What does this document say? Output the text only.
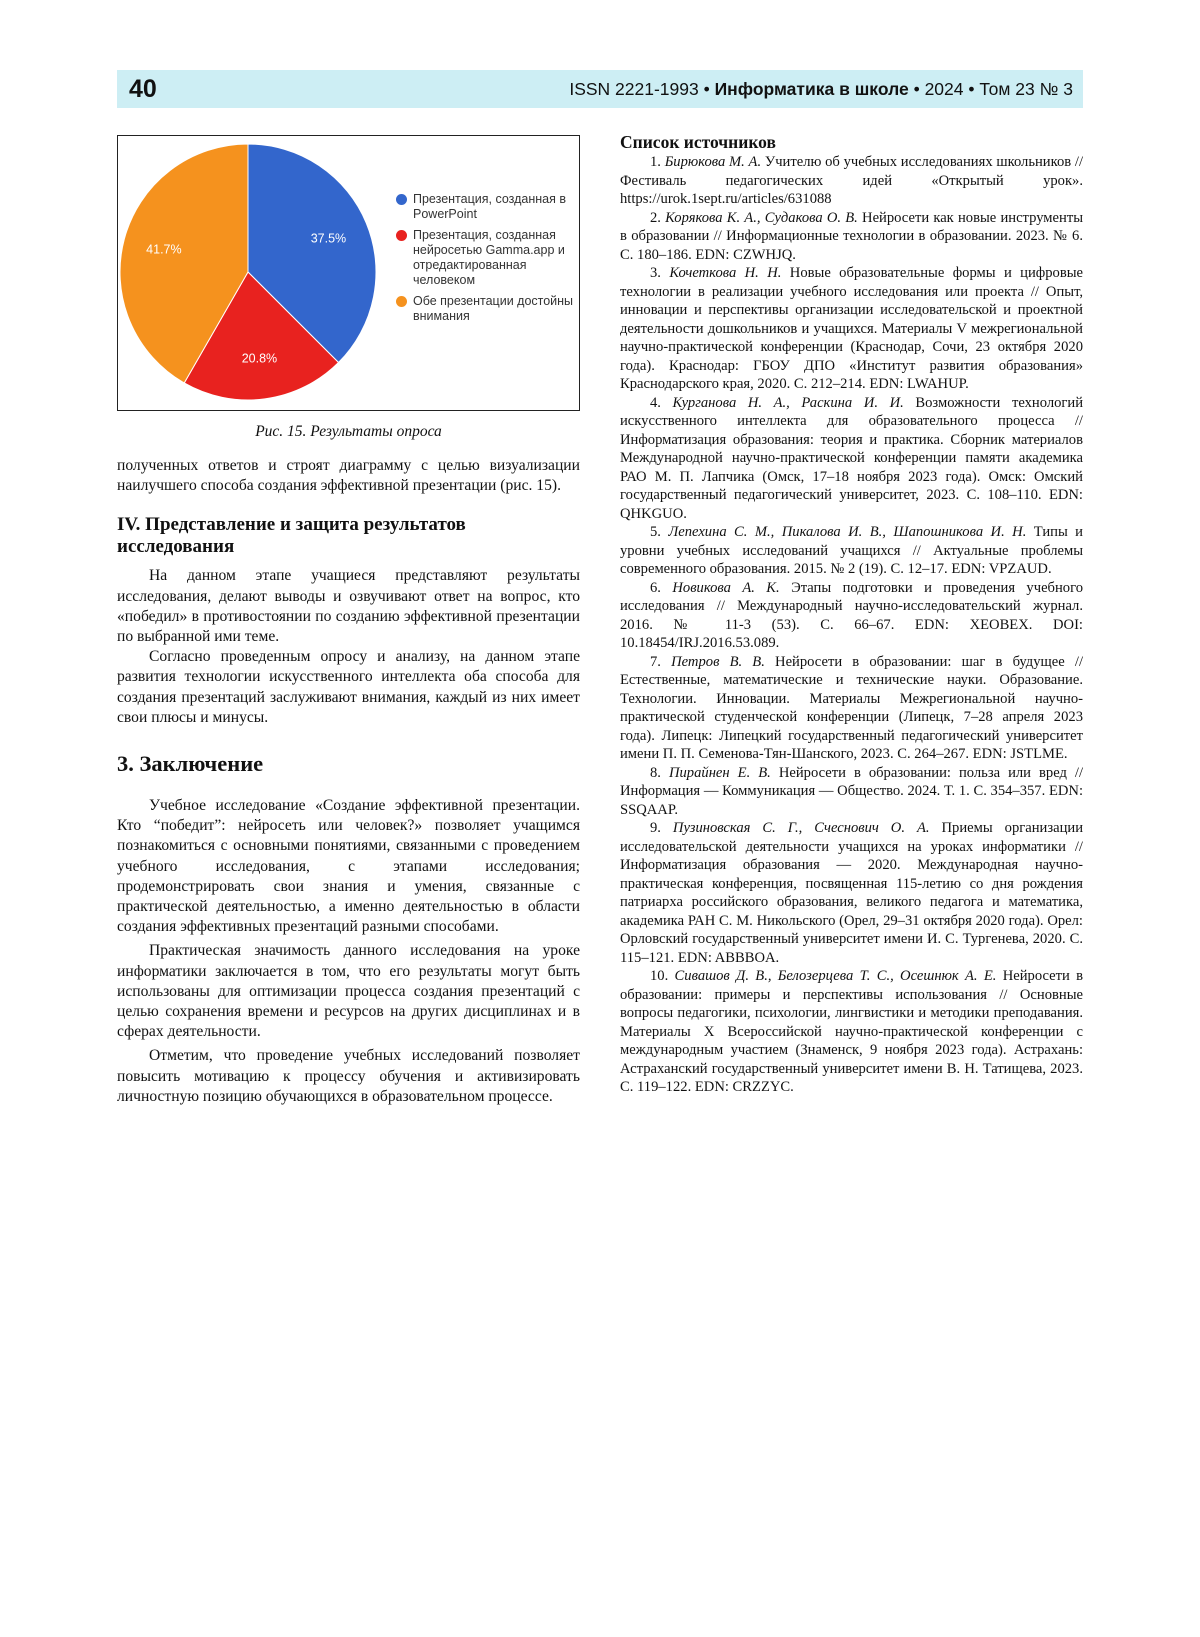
40	ISSN 2221-1993 • Информатика в школе • 2024 • Том 23 № 3
37.5%
20.8%
41.7%
Презентация, созданная в PowerPoint
Презентация, созданная нейросетью Gamma.app и отредактированная человеком
Обе презентации достойны внимания
Рис. 15. Результаты опроса

полученных ответов и строят диаграмму с целью визуализации наилучшего способа создания эффективной презентации (рис. 15).

IV. Представление и защита результатов исследования

На данном этапе учащиеся представляют результаты исследования, делают выводы и озвучивают ответ на вопрос, кто «победил» в противостоянии по созданию эффективной презентации по выбранной ими теме.

Согласно проведенным опросу и анализу, на данном этапе развития технологии искусственного интеллекта оба способа для создания презентаций заслуживают внимания, каждый из них имеет свои плюсы и минусы.

3. Заключение

Учебное исследование «Создание эффективной презентации. Кто “победит”: нейросеть или человек?» позволяет учащимся познакомиться с основными понятиями, связанными с проведением учебного исследования, с этапами исследования; продемонстрировать свои знания и умения, связанные с практической деятельностью, а именно деятельностью в области создания эффективных презентаций разными способами.

Практическая значимость данного исследования на уроке информатики заключается в том, что его результаты могут быть использованы для оптимизации процесса создания презентаций с целью сохранения времени и ресурсов на других дисциплинах и в сферах деятельности.

Отметим, что проведение учебных исследований позволяет повысить мотивацию к процессу обучения и активизировать личностную позицию обучающихся в образовательном процессе.

Список источников

1. Бирюкова М. А. Учителю об учебных исследованиях школьников // Фестиваль педагогических идей «Открытый урок». https://urok.1sept.ru/articles/631088

2. Корякова К. А., Судакова О. В. Нейросети как новые инструменты в образовании // Информационные технологии в образовании. 2023. № 6. С. 180–186. EDN: CZWHJQ.

3. Кочеткова Н. Н. Новые образовательные формы и цифровые технологии в реализации учебного исследования или проекта // Опыт, инновации и перспективы организации исследовательской и проектной деятельности дошкольников и учащихся. Материалы V межрегиональной научно-практической конференции (Краснодар, Сочи, 23 октября 2020 года). Краснодар: ГБОУ ДПО «Институт развития образования» Краснодарского края, 2020. С. 212–214. EDN: LWAHUP.

4. Курганова Н. А., Раскина И. И. Возможности технологий искусственного интеллекта для образовательного процесса // Информатизация образования: теория и практика. Сборник материалов Международной научно-практической конференции памяти академика РАО М. П. Лапчика (Омск, 17–18 ноября 2023 года). Омск: Омский государственный педагогический университет, 2023. С. 108–110. EDN: QHKGUO.

5. Лепехина С. М., Пикалова И. В., Шапошникова И. Н. Типы и уровни учебных исследований учащихся // Актуальные проблемы современного образования. 2015. № 2 (19). С. 12–17. EDN: VPZAUD.

6. Новикова А. К. Этапы подготовки и проведения учебного исследования // Международный научно-исследовательский журнал. 2016. № 11-3 (53). С. 66–67. EDN: XEOBEX. DOI: 10.18454/IRJ.2016.53.089.

7. Петров В. В. Нейросети в образовании: шаг в будущее // Естественные, математические и технические науки. Образование. Технологии. Инновации. Материалы Межрегиональной научно-практической студенческой конференции (Липецк, 7–28 апреля 2023 года). Липецк: Липецкий государственный педагогический университет имени П. П. Семенова-Тян-Шанского, 2023. С. 264–267. EDN: JSTLME.

8. Пирайнен Е. В. Нейросети в образовании: польза или вред // Информация — Коммуникация — Общество. 2024. Т. 1. С. 354–357. EDN: SSQAAP.

9. Пузиновская С. Г., Счеснович О. А. Приемы организации исследовательской деятельности учащихся на уроках информатики // Информатизация образования — 2020. Международная научно-практическая конференция, посвященная 115-летию со дня рождения патриарха российского образования, великого педагога и математика, академика РАН С. М. Никольского (Орел, 29–31 октября 2020 года). Орел: Орловский государственный университет имени И. С. Тургенева, 2020. С. 115–121. EDN: ABBBOA.

10. Сивашов Д. В., Белозерцева Т. С., Осешнюк А. Е. Нейросети в образовании: примеры и перспективы использования // Основные вопросы педагогики, психологии, лингвистики и методики преподавания. Материалы X Всероссийской научно-практической конференции с международным участием (Знаменск, 9 ноября 2023 года). Астрахань: Астраханский государственный университет имени В. Н. Татищева, 2023. С. 119–122. EDN: CRZZYC.
